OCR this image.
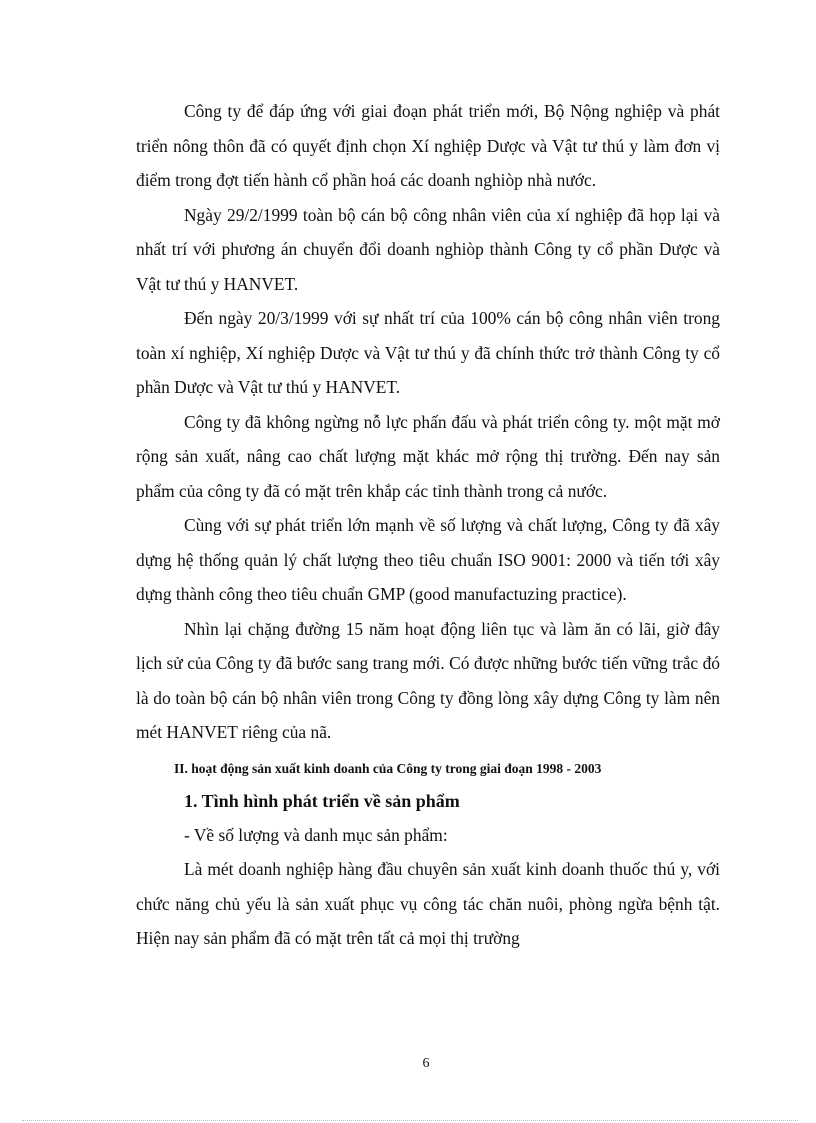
Công ty để đáp ứng với giai đoạn phát triển mới, Bộ Nộng nghiệp và phát triển nông thôn đã có quyết định chọn Xí nghiệp Dược và Vật tư thú y làm đơn vị điểm trong đợt tiến hành cổ phần hoá các doanh nghiòp nhà nước.

Ngày 29/2/1999 toàn bộ cán bộ công nhân viên của xí nghiệp đã họp lại và nhất trí với phương án chuyển đổi doanh nghiòp thành Công ty cổ phần Dược và Vật tư thú y HANVET.

Đến ngày 20/3/1999 với sự nhất trí của 100% cán bộ công nhân viên trong toàn xí nghiệp, Xí nghiệp Dược và Vật tư thú y đã chính thức trở thành Công ty cổ phần Dược và Vật tư thú y HANVET.

Công ty đã không ngừng nỗ lực phấn đấu và phát triển công ty. một mặt mở rộng sản xuất, nâng cao chất lượng mặt khác mở rộng thị trường. Đến nay sản phẩm của công ty đã có mặt trên khắp các tỉnh thành trong cả nước.

Cùng với sự phát triển lớn mạnh về số lượng và chất lượng, Công ty đã xây dựng hệ thống quản lý chất lượng theo tiêu chuẩn ISO 9001: 2000 và tiến tới xây dựng thành công theo tiêu chuẩn GMP (good manufactuzing practice).

Nhìn lại chặng đường 15 năm hoạt động liên tục và làm ăn có lãi, giờ đây lịch sử của Công ty đã bước sang trang mới. Có được những bước tiến vững trắc đó là do toàn bộ cán bộ nhân viên trong Công ty đồng lòng xây dựng Công ty làm nên mét HANVET riêng của nã.

II. hoạt động sản xuất kinh doanh của Công ty trong giai đoạn 1998 - 2003

1. Tình hình phát triển về sản phẩm

- Về số lượng và danh mục sản phẩm:

Là mét doanh nghiệp hàng đầu chuyên sản xuất kinh doanh thuốc thú y, với chức năng chủ yếu là sản xuất phục vụ công tác chăn nuôi, phòng ngừa bệnh tật. Hiện nay sản phẩm đã có mặt trên tất cả mọi thị trường

6
